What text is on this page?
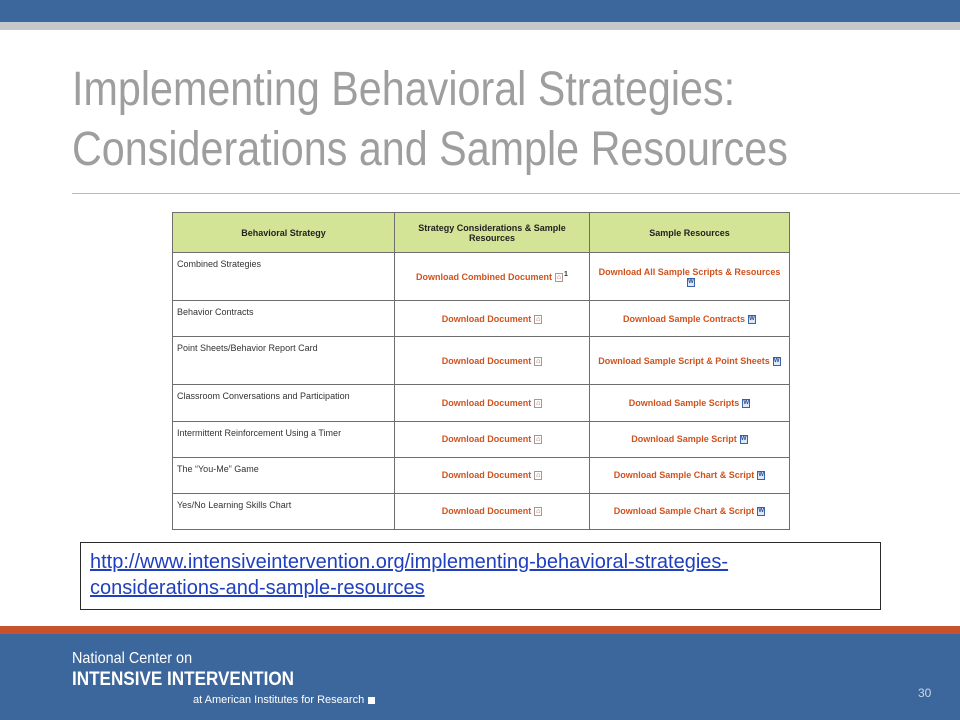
Implementing Behavioral Strategies:
Considerations and Sample Resources
Behavioral Strategy	Strategy Considerations & Sample Resources	Sample Resources
Combined Strategies	Download Combined Document ⌂ $^1$	Download All Sample Scripts & ResourcesW
Behavior Contracts	Download Document ⌂	Download Sample Contracts W
Point Sheets/Behavior Report Card	Download Document ⌂	Download Sample Script & Point Sheets W
Classroom Conversations and Participation	Download Document ⌂	Download Sample Scripts W
Intermittent Reinforcement Using a Timer	Download Document ⌂	Download Sample Script W
The “You-Me” Game	Download Document ⌂	Download Sample Chart & Script W
Yes/No Learning Skills Chart	Download Document ⌂	Download Sample Chart & Script W
http://www.intensiveintervention.org/implementing-behavioral-strategies-
considerations-and-sample-resources
National Center on
INTENSIVE INTERVENTION
at American Institutes for Research	30
